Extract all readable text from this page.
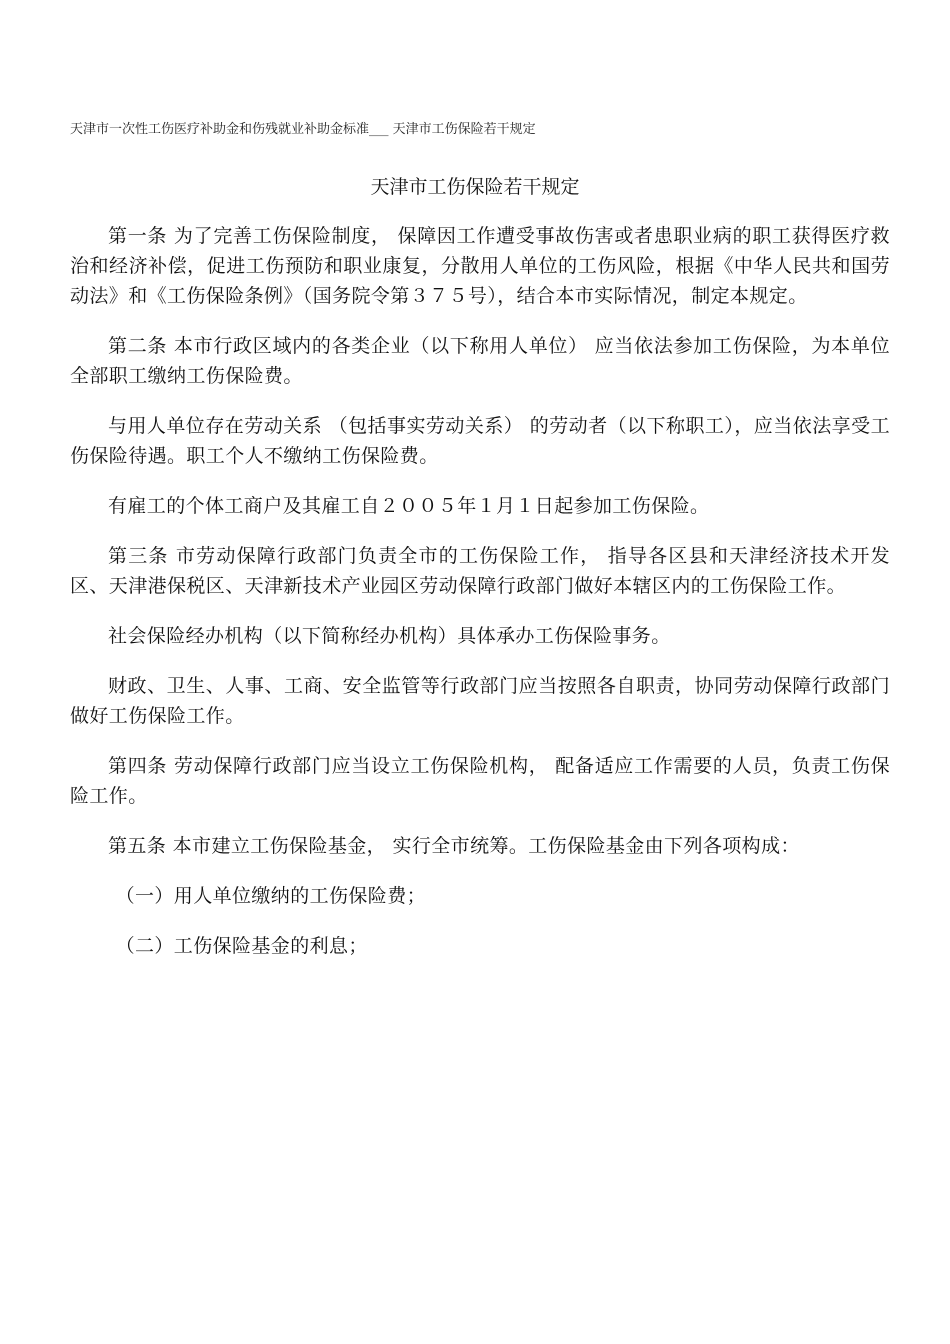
天津市一次性工伤医疗补助金和伤残就业补助金标准___ 天津市工伤保险若干规定
天津市工伤保险若干规定

第一条 为了完善工伤保险制度， 保障因工作遭受事故伤害或者患职业病的职工获得医疗救治和经济补偿，促进工伤预防和职业康复，分散用人单位的工伤风险，根据《中华人民共和国劳动法》和《工伤保险条例》（国务院令第３７５号），结合本市实际情况，制定本规定。

第二条 本市行政区域内的各类企业（以下称用人单位） 应当依法参加工伤保险，为本单位全部职工缴纳工伤保险费。

与用人单位存在劳动关系 （包括事实劳动关系） 的劳动者（以下称职工），应当依法享受工伤保险待遇。职工个人不缴纳工伤保险费。

有雇工的个体工商户及其雇工自２００５年１月１日起参加工伤保险。

第三条 市劳动保障行政部门负责全市的工伤保险工作， 指导各区县和天津经济技术开发区、天津港保税区、天津新技术产业园区劳动保障行政部门做好本辖区内的工伤保险工作。

社会保险经办机构（以下简称经办机构）具体承办工伤保险事务。

财政、卫生、人事、工商、安全监管等行政部门应当按照各自职责，协同劳动保障行政部门做好工伤保险工作。

第四条 劳动保障行政部门应当设立工伤保险机构， 配备适应工作需要的人员，负责工伤保险工作。

第五条 本市建立工伤保险基金， 实行全市统筹。工伤保险基金由下列各项构成：

（一）用人单位缴纳的工伤保险费；

（二）工伤保险基金的利息；
